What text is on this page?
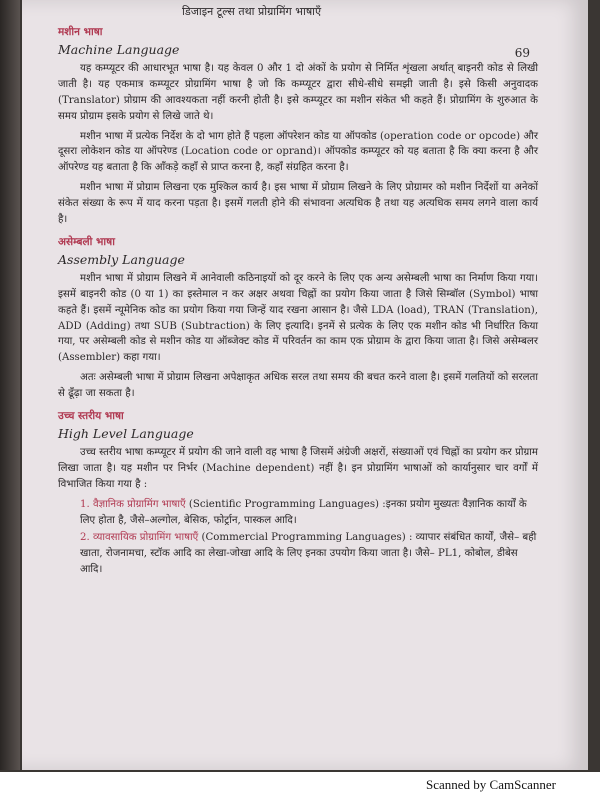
डिजाइन टूल्स तथा प्रोग्रामिंग भाषाएँ
69

मशीन भाषा

Machine Language

यह कम्प्यूटर की आधारभूत भाषा है। यह केवल 0 और 1 दो अंकों के प्रयोग से निर्मित शृंखला अर्थात् बाइनरी कोड से लिखी जाती है। यह एकमात्र कम्प्यूटर प्रोग्रामिंग भाषा है जो कि कम्प्यूटर द्वारा सीधे-सीधे समझी जाती है। इसे किसी अनुवादक (Translator) प्रोग्राम की आवश्यकता नहीं करनी होती है। इसे कम्प्यूटर का मशीन संकेत भी कहते हैं। प्रोग्रामिंग के शुरुआत के समय प्रोग्राम इसके प्रयोग से लिखे जाते थे।

मशीन भाषा में प्रत्येक निर्देश के दो भाग होते हैं पहला ऑपरेशन कोड या ऑपकोड (operation code or opcode) और दूसरा लोकेशन कोड या ऑपरेण्ड (Location code or oprand)। ऑपकोड कम्प्यूटर को यह बताता है कि क्या करना है और ऑपरेण्ड यह बताता है कि आँकड़े कहाँ से प्राप्त करना है, कहाँ संग्रहित करना है।

मशीन भाषा में प्रोग्राम लिखना एक मुश्किल कार्य है। इस भाषा में प्रोग्राम लिखने के लिए प्रोग्रामर को मशीन निर्देशों या अनेकों संकेत संख्या के रूप में याद करना पड़ता है। इसमें गलती होने की संभावना अत्यधिक है तथा यह अत्यधिक समय लगने वाला कार्य है।

असेम्बली भाषा

Assembly Language

मशीन भाषा में प्रोग्राम लिखने में आनेवाली कठिनाइयों को दूर करने के लिए एक अन्य असेम्बली भाषा का निर्माण किया गया। इसमें बाइनरी कोड (0 या 1) का इस्तेमाल न कर अक्षर अथवा चिह्नों का प्रयोग किया जाता है जिसे सिम्बॉल (Symbol) भाषा कहते हैं। इसमें न्यूमेनिक कोड का प्रयोग किया गया जिन्हें याद रखना आसान है। जैसे LDA (load), TRAN (Translation), ADD (Adding) तथा SUB (Subtraction) के लिए इत्यादि। इनमें से प्रत्येक के लिए एक मशीन कोड भी निर्धारित किया गया, पर असेम्बली कोड से मशीन कोड या ऑब्जेक्ट कोड में परिवर्तन का काम एक प्रोग्राम के द्वारा किया जाता है। जिसे असेम्बलर (Assembler) कहा गया।

अतः असेम्बली भाषा में प्रोग्राम लिखना अपेक्षाकृत अधिक सरल तथा समय की बचत करने वाला है। इसमें गलतियों को सरलता से ढूँढ़ा जा सकता है।

उच्च स्तरीय भाषा

High Level Language

उच्च स्तरीय भाषा कम्प्यूटर में प्रयोग की जाने वाली वह भाषा है जिसमें अंग्रेजी अक्षरों, संख्याओं एवं चिह्नों का प्रयोग कर प्रोग्राम लिखा जाता है। यह मशीन पर निर्भर (Machine dependent) नहीं है। इन प्रोग्रामिंग भाषाओं को कार्यानुसार चार वर्गों में विभाजित किया गया है :

1. वैज्ञानिक प्रोग्रामिंग भाषाएँ (Scientific Programming Languages) :इनका प्रयोग मुख्यतः वैज्ञानिक कार्यों के लिए होता है, जैसे–अल्गोल, बेसिक, फोर्ट्रान, पास्कल आदि।
2. व्यावसायिक प्रोग्रामिंग भाषाएँ (Commercial Programming Languages) : व्यापार संबंधित कार्यों, जैसे– बही खाता, रोजनामचा, स्टॉक आदि का लेखा-जोखा आदि के लिए इनका उपयोग किया जाता है। जैसे– PL1, कोबोल, डीबेस आदि।
Scanned by CamScanner
